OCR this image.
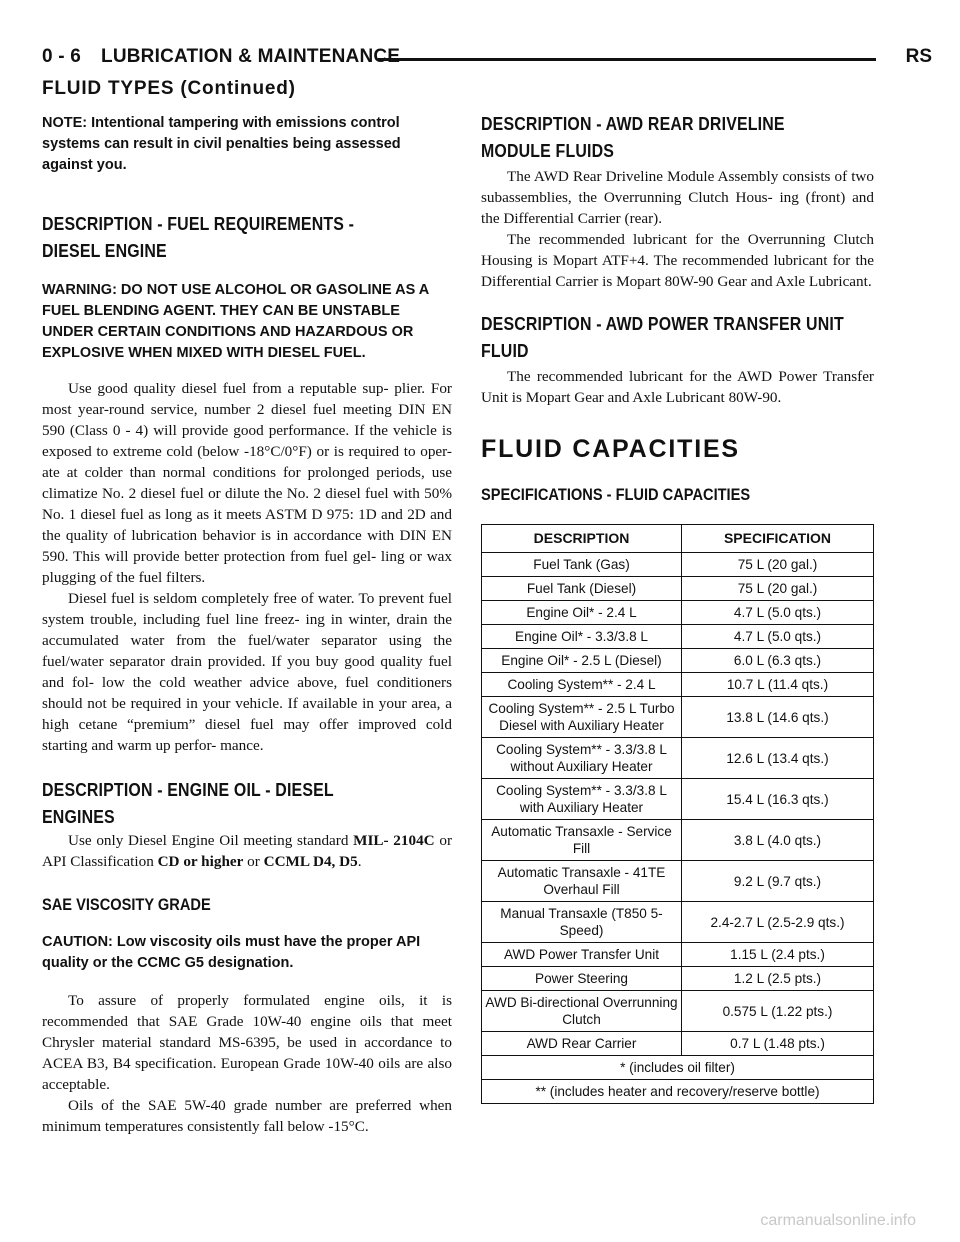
0 - 6 LUBRICATION & MAINTENANCE	RS
FLUID TYPES (Continued)

NOTE: Intentional tampering with emissions control systems can result in civil penalties being assessed against you.

DESCRIPTION - FUEL REQUIREMENTS -
DIESEL ENGINE

WARNING: DO NOT USE ALCOHOL OR GASOLINE AS A FUEL BLENDING AGENT. THEY CAN BE UNSTABLE UNDER CERTAIN CONDITIONS AND HAZARDOUS OR EXPLOSIVE WHEN MIXED WITH DIESEL FUEL.

Use good quality diesel fuel from a reputable sup- plier. For most year-round service, number 2 diesel fuel meeting DIN EN 590 (Class 0 - 4) will provide good performance. If the vehicle is exposed to extreme cold (below -18°C/0°F) or is required to oper- ate at colder than normal conditions for prolonged periods, use climatize No. 2 diesel fuel or dilute the No. 2 diesel fuel with 50% No. 1 diesel fuel as long as it meets ASTM D 975: 1D and 2D and the quality of lubrication behavior is in accordance with DIN EN 590. This will provide better protection from fuel gel- ling or wax plugging of the fuel filters.

Diesel fuel is seldom completely free of water. To prevent fuel system trouble, including fuel line freez- ing in winter, drain the accumulated water from the fuel/water separator using the fuel/water separator drain provided. If you buy good quality fuel and fol- low the cold weather advice above, fuel conditioners should not be required in your vehicle. If available in your area, a high cetane “premium” diesel fuel may offer improved cold starting and warm up perfor- mance.

DESCRIPTION - ENGINE OIL - DIESEL
ENGINES

Use only Diesel Engine Oil meeting standard MIL- 2104C or API Classification CD or higher or CCML D4, D5.

SAE VISCOSITY GRADE

CAUTION: Low viscosity oils must have the proper API quality or the CCMC G5 designation.

To assure of properly formulated engine oils, it is recommended that SAE Grade 10W-40 engine oils that meet Chrysler material standard MS-6395, be used in accordance to ACEA B3, B4 specification. European Grade 10W-40 oils are also acceptable.

Oils of the SAE 5W-40 grade number are preferred when minimum temperatures consistently fall below -15°C.

DESCRIPTION - AWD REAR DRIVELINE
MODULE FLUIDS

The AWD Rear Driveline Module Assembly consists of two subassemblies, the Overrunning Clutch Hous- ing (front) and the Differential Carrier (rear).

The recommended lubricant for the Overrunning Clutch Housing is Mopart ATF+4. The recommended lubricant for the Differential Carrier is Mopart 80W-90 Gear and Axle Lubricant.

DESCRIPTION - AWD POWER TRANSFER UNIT
FLUID

The recommended lubricant for the AWD Power Transfer Unit is Mopart Gear and Axle Lubricant 80W-90.

FLUID CAPACITIES
SPECIFICATIONS - FLUID CAPACITIES
DESCRIPTION	SPECIFICATION
Fuel Tank (Gas)	75 L (20 gal.)
Fuel Tank (Diesel)	75 L (20 gal.)
Engine Oil* - 2.4 L	4.7 L (5.0 qts.)
Engine Oil* - 3.3/3.8 L	4.7 L (5.0 qts.)
Engine Oil* - 2.5 L (Diesel)	6.0 L (6.3 qts.)
Cooling System** - 2.4 L	10.7 L (11.4 qts.)
Cooling System** - 2.5 L Turbo Diesel with Auxiliary Heater	13.8 L (14.6 qts.)
Cooling System** - 3.3/3.8 L without Auxiliary Heater	12.6 L (13.4 qts.)
Cooling System** - 3.3/3.8 L with Auxiliary Heater	15.4 L (16.3 qts.)
Automatic Transaxle - Service Fill	3.8 L (4.0 qts.)
Automatic Transaxle - 41TE Overhaul Fill	9.2 L (9.7 qts.)
Manual Transaxle (T850 5-Speed)	2.4-2.7 L (2.5-2.9 qts.)
AWD Power Transfer Unit	1.15 L (2.4 pts.)
Power Steering	1.2 L (2.5 pts.)
AWD Bi-directional Overrunning Clutch	0.575 L (1.22 pts.)
AWD Rear Carrier	0.7 L (1.48 pts.)
* (includes oil filter)	
** (includes heater and recovery/reserve bottle)	
carmanualsonline.info
